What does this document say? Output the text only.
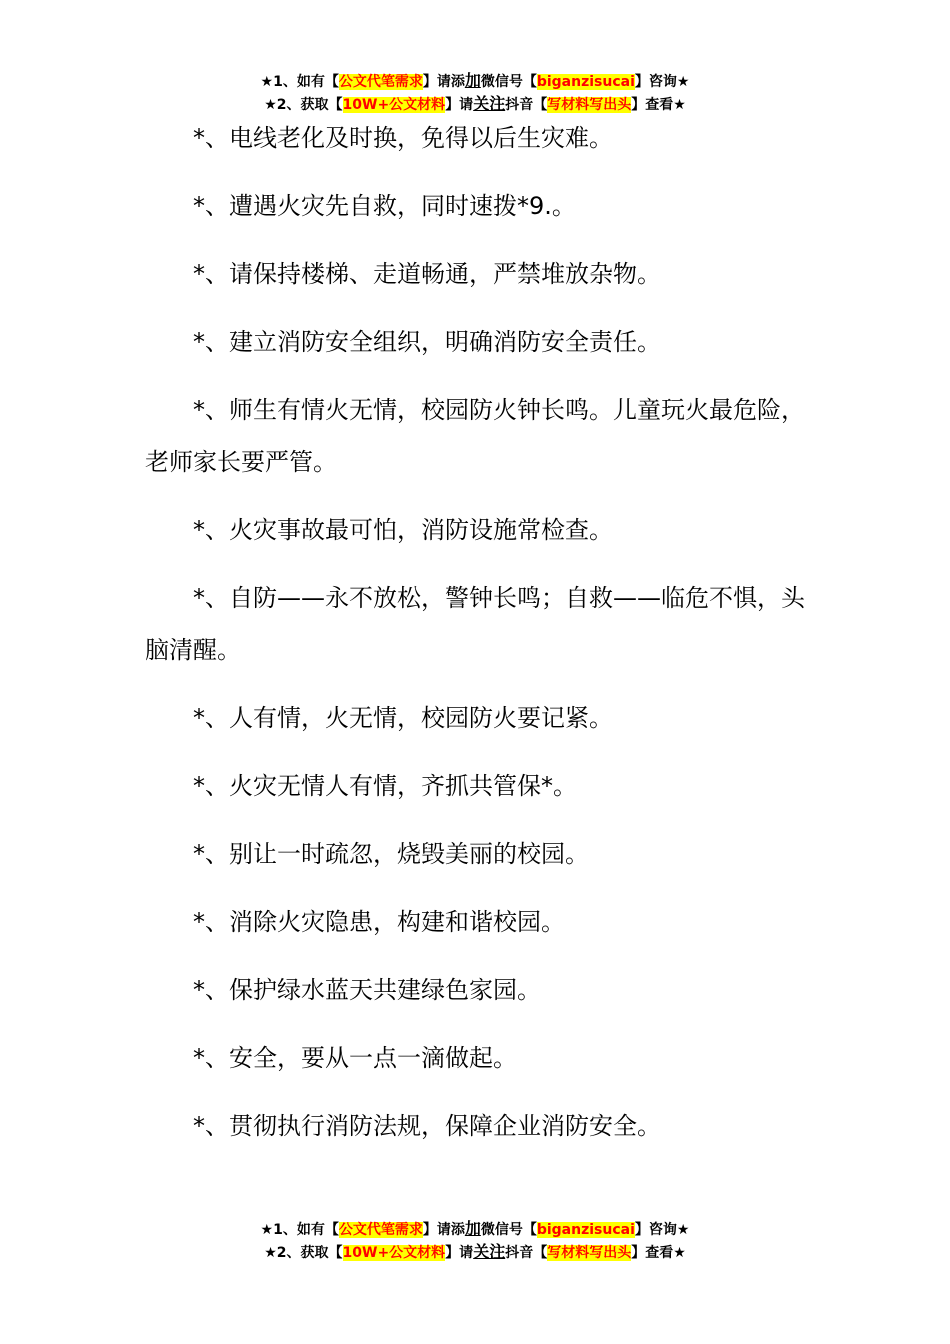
★1、如有【公文代笔需求】请添加微信号【biganzisucai】咨询★
★2、获取【10W+公文材料】请关注抖音【写材料写出头】查看★

*、电线老化及时换，免得以后生灾难。

*、遭遇火灾先自救，同时速拨*9.。

*、请保持楼梯、走道畅通，严禁堆放杂物。

*、建立消防安全组织，明确消防安全责任。

*、师生有情火无情，校园防火钟长鸣。儿童玩火最危险，老师家长要严管。

*、火灾事故最可怕，消防设施常检查。

*、自防——永不放松，警钟长鸣；自救——临危不惧，头脑清醒。

*、人有情，火无情，校园防火要记紧。

*、火灾无情人有情，齐抓共管保*。

*、别让一时疏忽，烧毁美丽的校园。

*、消除火灾隐患，构建和谐校园。

*、保护绿水蓝天共建绿色家园。

*、安全，要从一点一滴做起。

*、贯彻执行消防法规，保障企业消防安全。

★1、如有【公文代笔需求】请添加微信号【biganzisucai】咨询★
★2、获取【10W+公文材料】请关注抖音【写材料写出头】查看★
